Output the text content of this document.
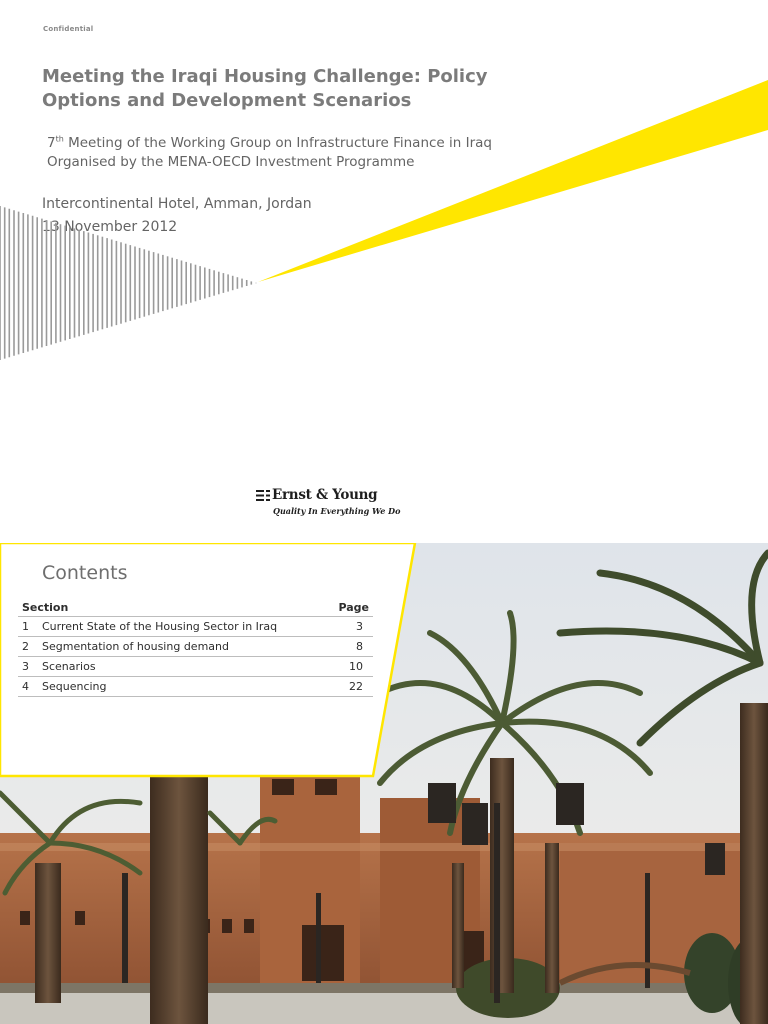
Confidential
Meeting the Iraqi Housing Challenge: Policy Options and Development Scenarios
7th Meeting of the Working Group on Infrastructure Finance in Iraq
Organised by the MENA-OECD Investment Programme
Intercontinental Hotel, Amman, Jordan
13 November 2012
Ernst & Young
Quality In Everything We Do
Contents
Section	Page
1	Current State of the Housing Sector in Iraq	3
2	Segmentation of housing demand	8
3	Scenarios	10
4	Sequencing	22
